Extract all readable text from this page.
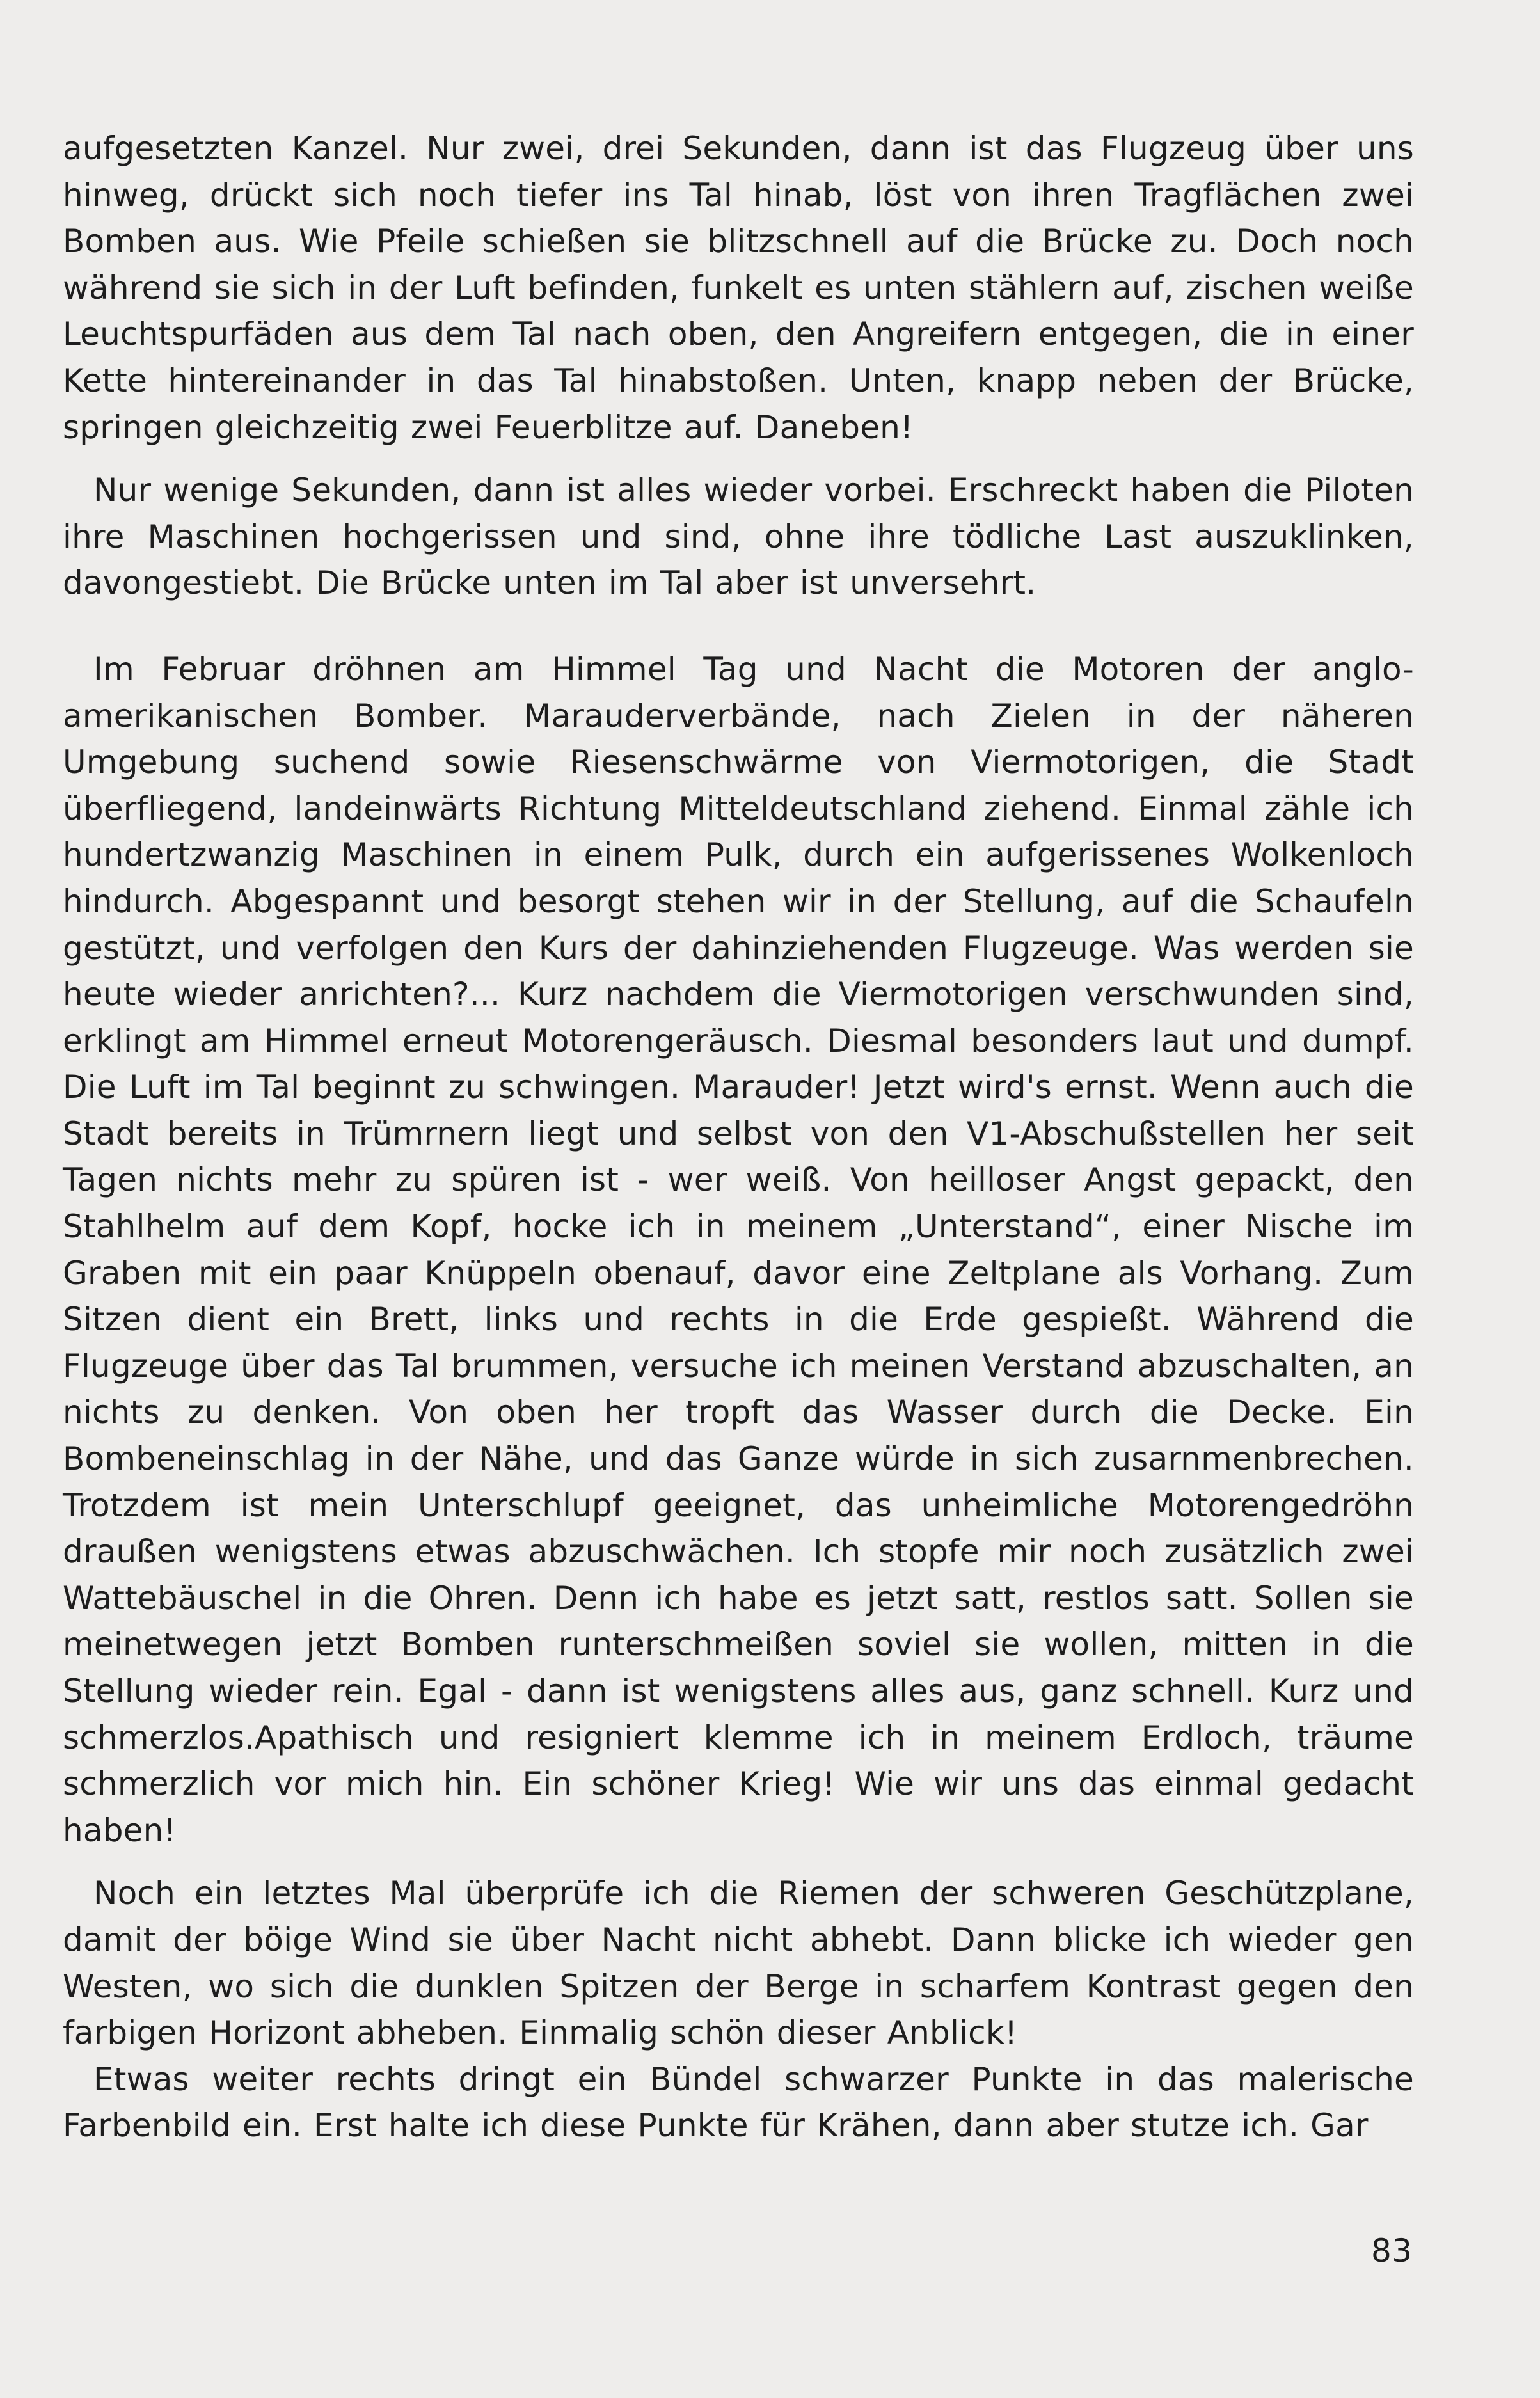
aufgesetzten Kanzel. Nur zwei, drei Sekunden, dann ist das Flugzeug über uns hinweg, drückt sich noch tiefer ins Tal hinab, löst von ihren Tragflächen zwei Bomben aus. Wie Pfeile schießen sie blitzschnell auf die Brücke zu. Doch noch während sie sich in der Luft befinden, funkelt es unten stählern auf, zischen weiße Leuchtspurfäden aus dem Tal nach oben, den Angreifern entgegen, die in einer Kette hintereinander in das Tal hinabstoßen. Unten, knapp neben der Brücke, springen gleichzeitig zwei Feuerblitze auf. Daneben!

Nur wenige Sekunden, dann ist alles wieder vorbei. Erschreckt haben die Piloten ihre Maschinen hochgerissen und sind, ohne ihre tödliche Last auszuklinken, davongestiebt. Die Brücke unten im Tal aber ist unversehrt.

Im Februar dröhnen am Himmel Tag und Nacht die Motoren der anglo-amerikanischen Bomber. Marauderverbände, nach Zielen in der näheren Umgebung suchend sowie Riesenschwärme von Viermotorigen, die Stadt überfliegend, landeinwärts Richtung Mitteldeutschland ziehend. Einmal zähle ich hundertzwanzig Maschinen in einem Pulk, durch ein aufgerissenes Wolkenloch hindurch. Abgespannt und besorgt stehen wir in der Stellung, auf die Schaufeln gestützt, und verfolgen den Kurs der dahinziehenden Flugzeuge. Was werden sie heute wieder anrichten?... Kurz nachdem die Viermotorigen verschwunden sind, erklingt am Himmel erneut Motorengeräusch. Diesmal besonders laut und dumpf. Die Luft im Tal beginnt zu schwingen. Marauder! Jetzt wird's ernst. Wenn auch die Stadt bereits in Trümrnern liegt und selbst von den V1-Abschußstellen her seit Tagen nichts mehr zu spüren ist - wer weiß. Von heilloser Angst gepackt, den Stahlhelm auf dem Kopf, hocke ich in meinem „Unterstand“, einer Nische im Graben mit ein paar Knüppeln obenauf, davor eine Zeltplane als Vorhang. Zum Sitzen dient ein Brett, links und rechts in die Erde gespießt. Während die Flugzeuge über das Tal brummen, versuche ich meinen Verstand abzuschalten, an nichts zu denken. Von oben her tropft das Wasser durch die Decke. Ein Bombeneinschlag in der Nähe, und das Ganze würde in sich zusarnmenbrechen. Trotzdem ist mein Unterschlupf geeignet, das unheimliche Motorengedröhn draußen wenigstens etwas abzuschwächen. Ich stopfe mir noch zusätzlich zwei Wattebäuschel in die Ohren. Denn ich habe es jetzt satt, restlos satt. Sollen sie meinetwegen jetzt Bomben runterschmeißen soviel sie wollen, mitten in die Stellung wieder rein. Egal - dann ist wenigstens alles aus, ganz schnell. Kurz und schmerzlos.Apathisch und resigniert klemme ich in meinem Erdloch, träume schmerzlich vor mich hin. Ein schöner Krieg! Wie wir uns das einmal gedacht haben!

Noch ein letztes Mal überprüfe ich die Riemen der schweren Geschützplane, damit der böige Wind sie über Nacht nicht abhebt. Dann blicke ich wieder gen Westen, wo sich die dunklen Spitzen der Berge in scharfem Kontrast gegen den farbigen Horizont abheben. Einmalig schön dieser Anblick!

Etwas weiter rechts dringt ein Bündel schwarzer Punkte in das malerische Farbenbild ein. Erst halte ich diese Punkte für Krähen, dann aber stutze ich. Gar

83
